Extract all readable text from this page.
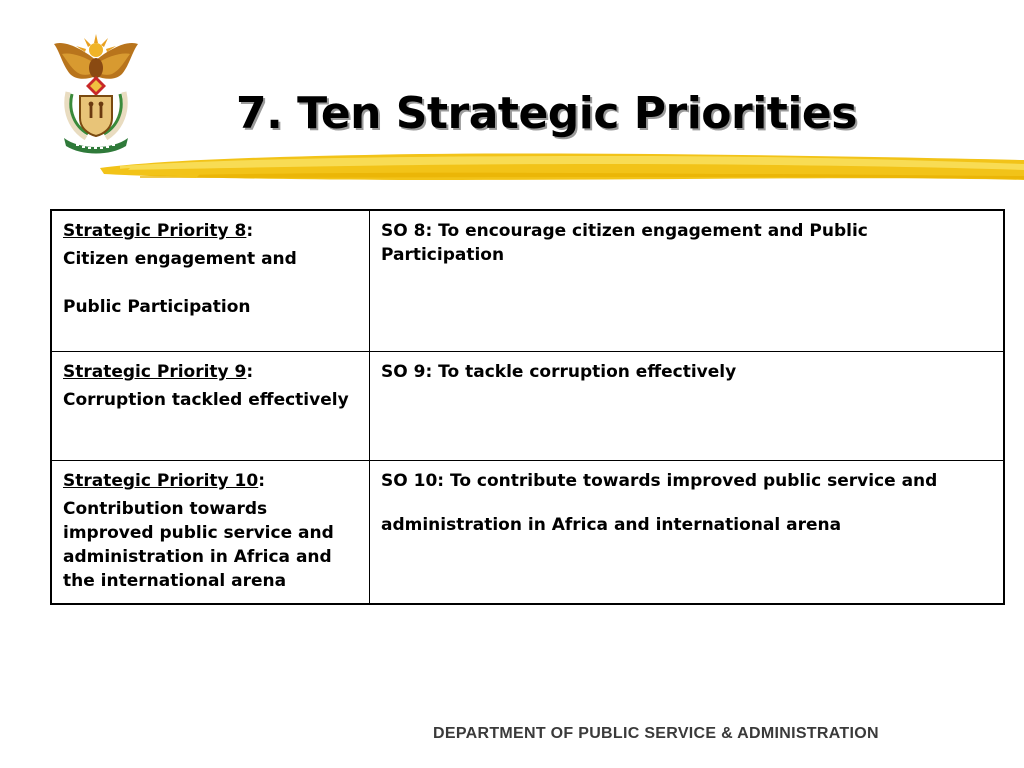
7. Ten Strategic Priorities
Strategic Priority 8:
Citizen engagement and
Public Participation	SO 8: To encourage citizen engagement and Public Participation

Strategic Priority 9:
Corruption tackled effectively	SO 9: To tackle corruption effectively

Strategic Priority 10:
Contribution towards improved public service and administration in Africa and the international arena	SO 10: To contribute towards improved public service and
administration in Africa and international arena
DEPARTMENT OF PUBLIC SERVICE & ADMINISTRATION
